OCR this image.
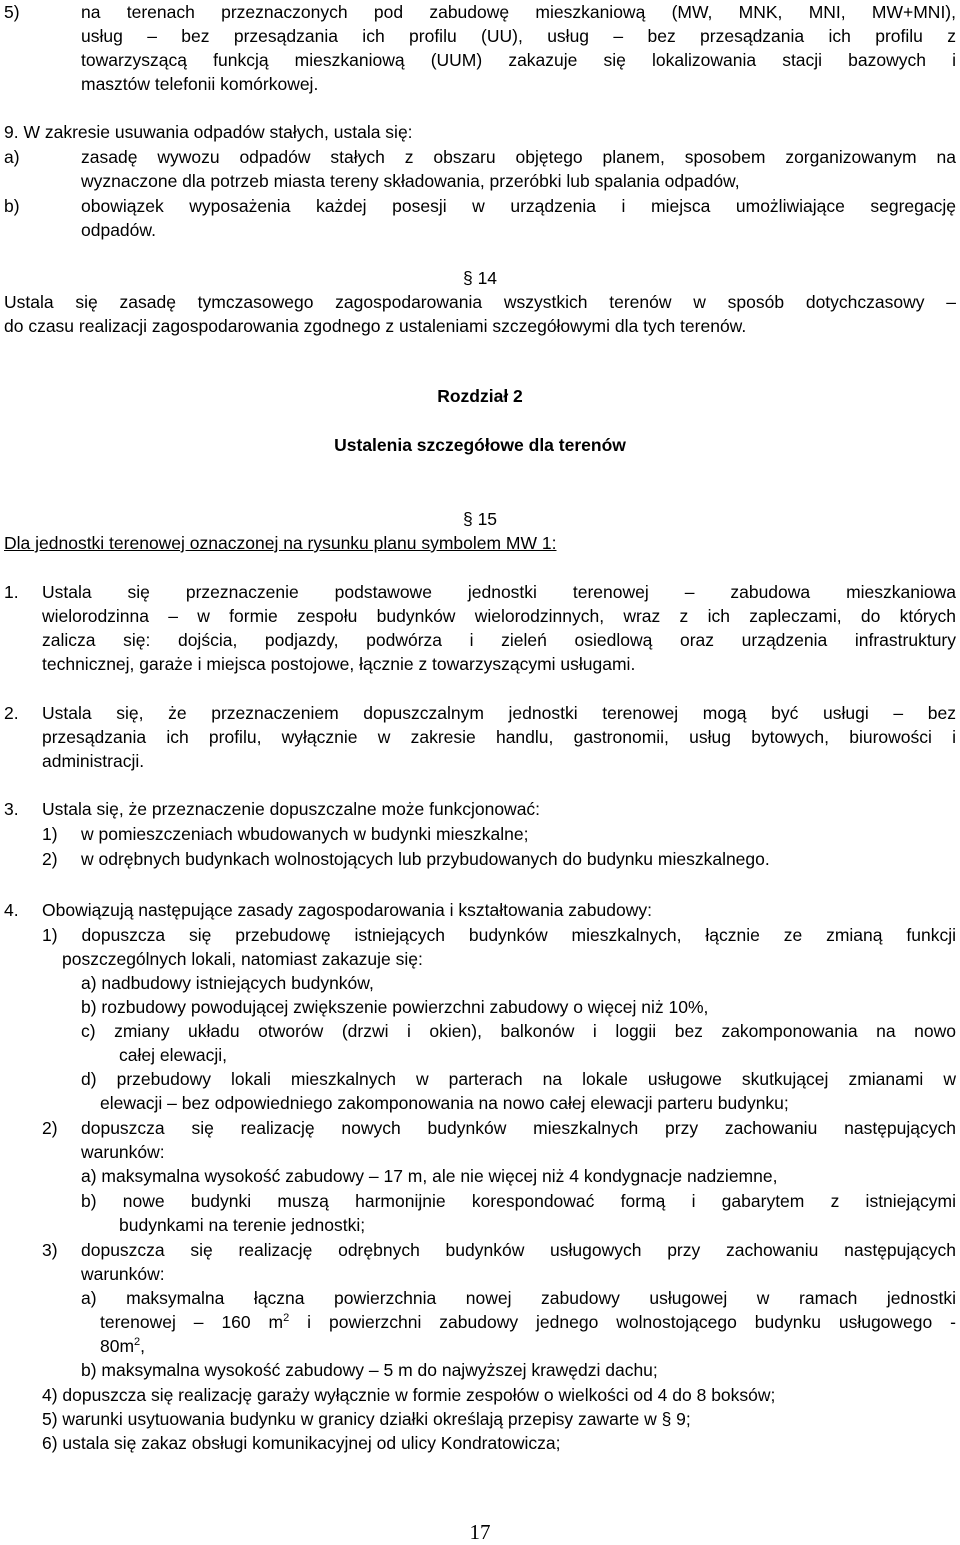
5)	na terenach przeznaczonych pod zabudowę mieszkaniową (MW, MNK, MNI, MW+MNI),
usług – bez przesądzania ich profilu (UU), usług – bez przesądzania ich profilu z
towarzyszącą funkcją mieszkaniową (UUM) zakazuje się lokalizowania stacji bazowych i
masztów telefonii komórkowej.
9. W zakresie usuwania odpadów stałych, ustala się:
a)	zasadę wywozu odpadów stałych z obszaru objętego planem, sposobem zorganizowanym na
wyznaczone dla potrzeb miasta tereny składowania, przeróbki lub spalania odpadów,
b)	obowiązek wyposażenia każdej posesji w urządzenia i miejsca umożliwiające segregację
odpadów.
§ 14
Ustala się zasadę tymczasowego zagospodarowania wszystkich terenów w sposób dotychczasowy –
do czasu realizacji zagospodarowania zgodnego z ustaleniami szczegółowymi dla tych terenów.
Rozdział 2
Ustalenia szczegółowe dla terenów
§ 15
Dla jednostki terenowej oznaczonej na rysunku planu symbolem MW 1:
1.	Ustala się przeznaczenie podstawowe jednostki terenowej – zabudowa mieszkaniowa
wielorodzinna – w formie zespołu budynków wielorodzinnych, wraz z ich zapleczami, do których
zalicza się: dojścia, podjazdy, podwórza i zieleń osiedlową oraz urządzenia infrastruktury
technicznej, garaże i miejsca postojowe, łącznie z towarzyszącymi usługami.
2.	Ustala się, że przeznaczeniem dopuszczalnym jednostki terenowej mogą być usługi – bez
przesądzania ich profilu, wyłącznie w zakresie handlu, gastronomii, usług bytowych, biurowości i
administracji.
3.	Ustala się, że przeznaczenie dopuszczalne może funkcjonować:
1)	w pomieszczeniach wbudowanych w budynki mieszkalne;
2)	w odrębnych budynkach wolnostojących lub przybudowanych do budynku mieszkalnego.
4.	Obowiązują następujące zasady zagospodarowania i kształtowania zabudowy:
1) dopuszcza się przebudowę istniejących budynków mieszkalnych, łącznie ze zmianą funkcji
poszczególnych lokali, natomiast zakazuje się:
a) nadbudowy istniejących budynków,
b) rozbudowy powodującej zwiększenie powierzchni zabudowy o więcej niż 10%,
c) zmiany układu otworów (drzwi i okien), balkonów i loggii bez zakomponowania na nowo
całej elewacji,
d) przebudowy lokali mieszkalnych w parterach na lokale usługowe skutkującej zmianami w
elewacji – bez odpowiedniego zakomponowania na nowo całej elewacji parteru budynku;
2)	dopuszcza się realizację nowych budynków mieszkalnych przy zachowaniu następujących
warunków:
a) maksymalna wysokość zabudowy – 17 m, ale nie więcej niż 4 kondygnacje nadziemne,
b) nowe budynki muszą harmonijnie korespondować formą i gabarytem z istniejącymi
budynkami na terenie jednostki;
3)	dopuszcza się realizację odrębnych budynków usługowych przy zachowaniu następujących
warunków:
a) maksymalna łączna powierzchnia nowej zabudowy usługowej w ramach jednostki
terenowej – 160 $m^2$ i powierzchni zabudowy jednego wolnostojącego budynku usługowego -
$80m^2$,
b) maksymalna wysokość zabudowy – 5 m do najwyższej krawędzi dachu;
4) dopuszcza się realizację garaży wyłącznie w formie zespołów o wielkości od 4 do 8 boksów;
5) warunki usytuowania budynku w granicy działki określają przepisy zawarte w § 9;
6) ustala się zakaz obsługi komunikacyjnej od ulicy Kondratowicza;
17
